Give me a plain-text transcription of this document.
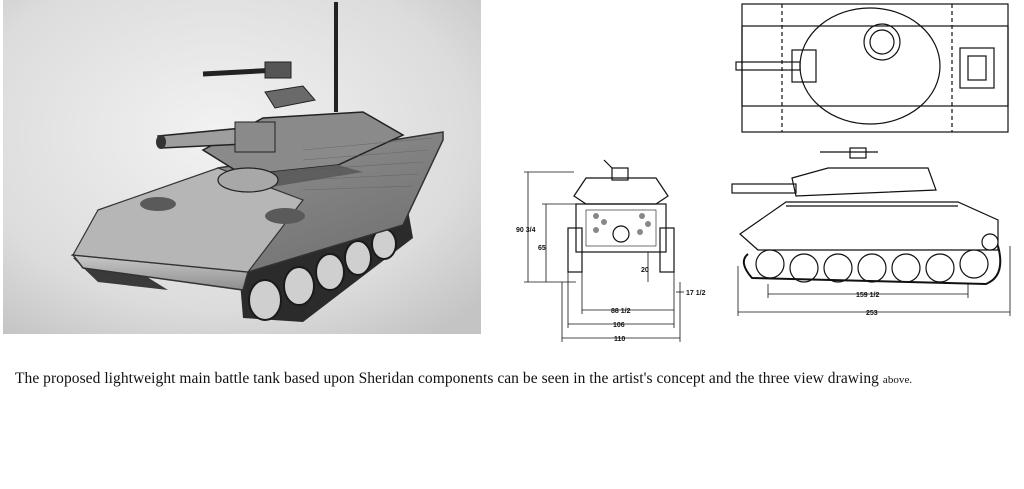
90 3/4
65
20
17 1/2
88 1/2
106
110
159 1/2
253
The proposed lightweight main battle tank based upon Sheridan components can be seen in the artist's concept and the three view drawing above.
